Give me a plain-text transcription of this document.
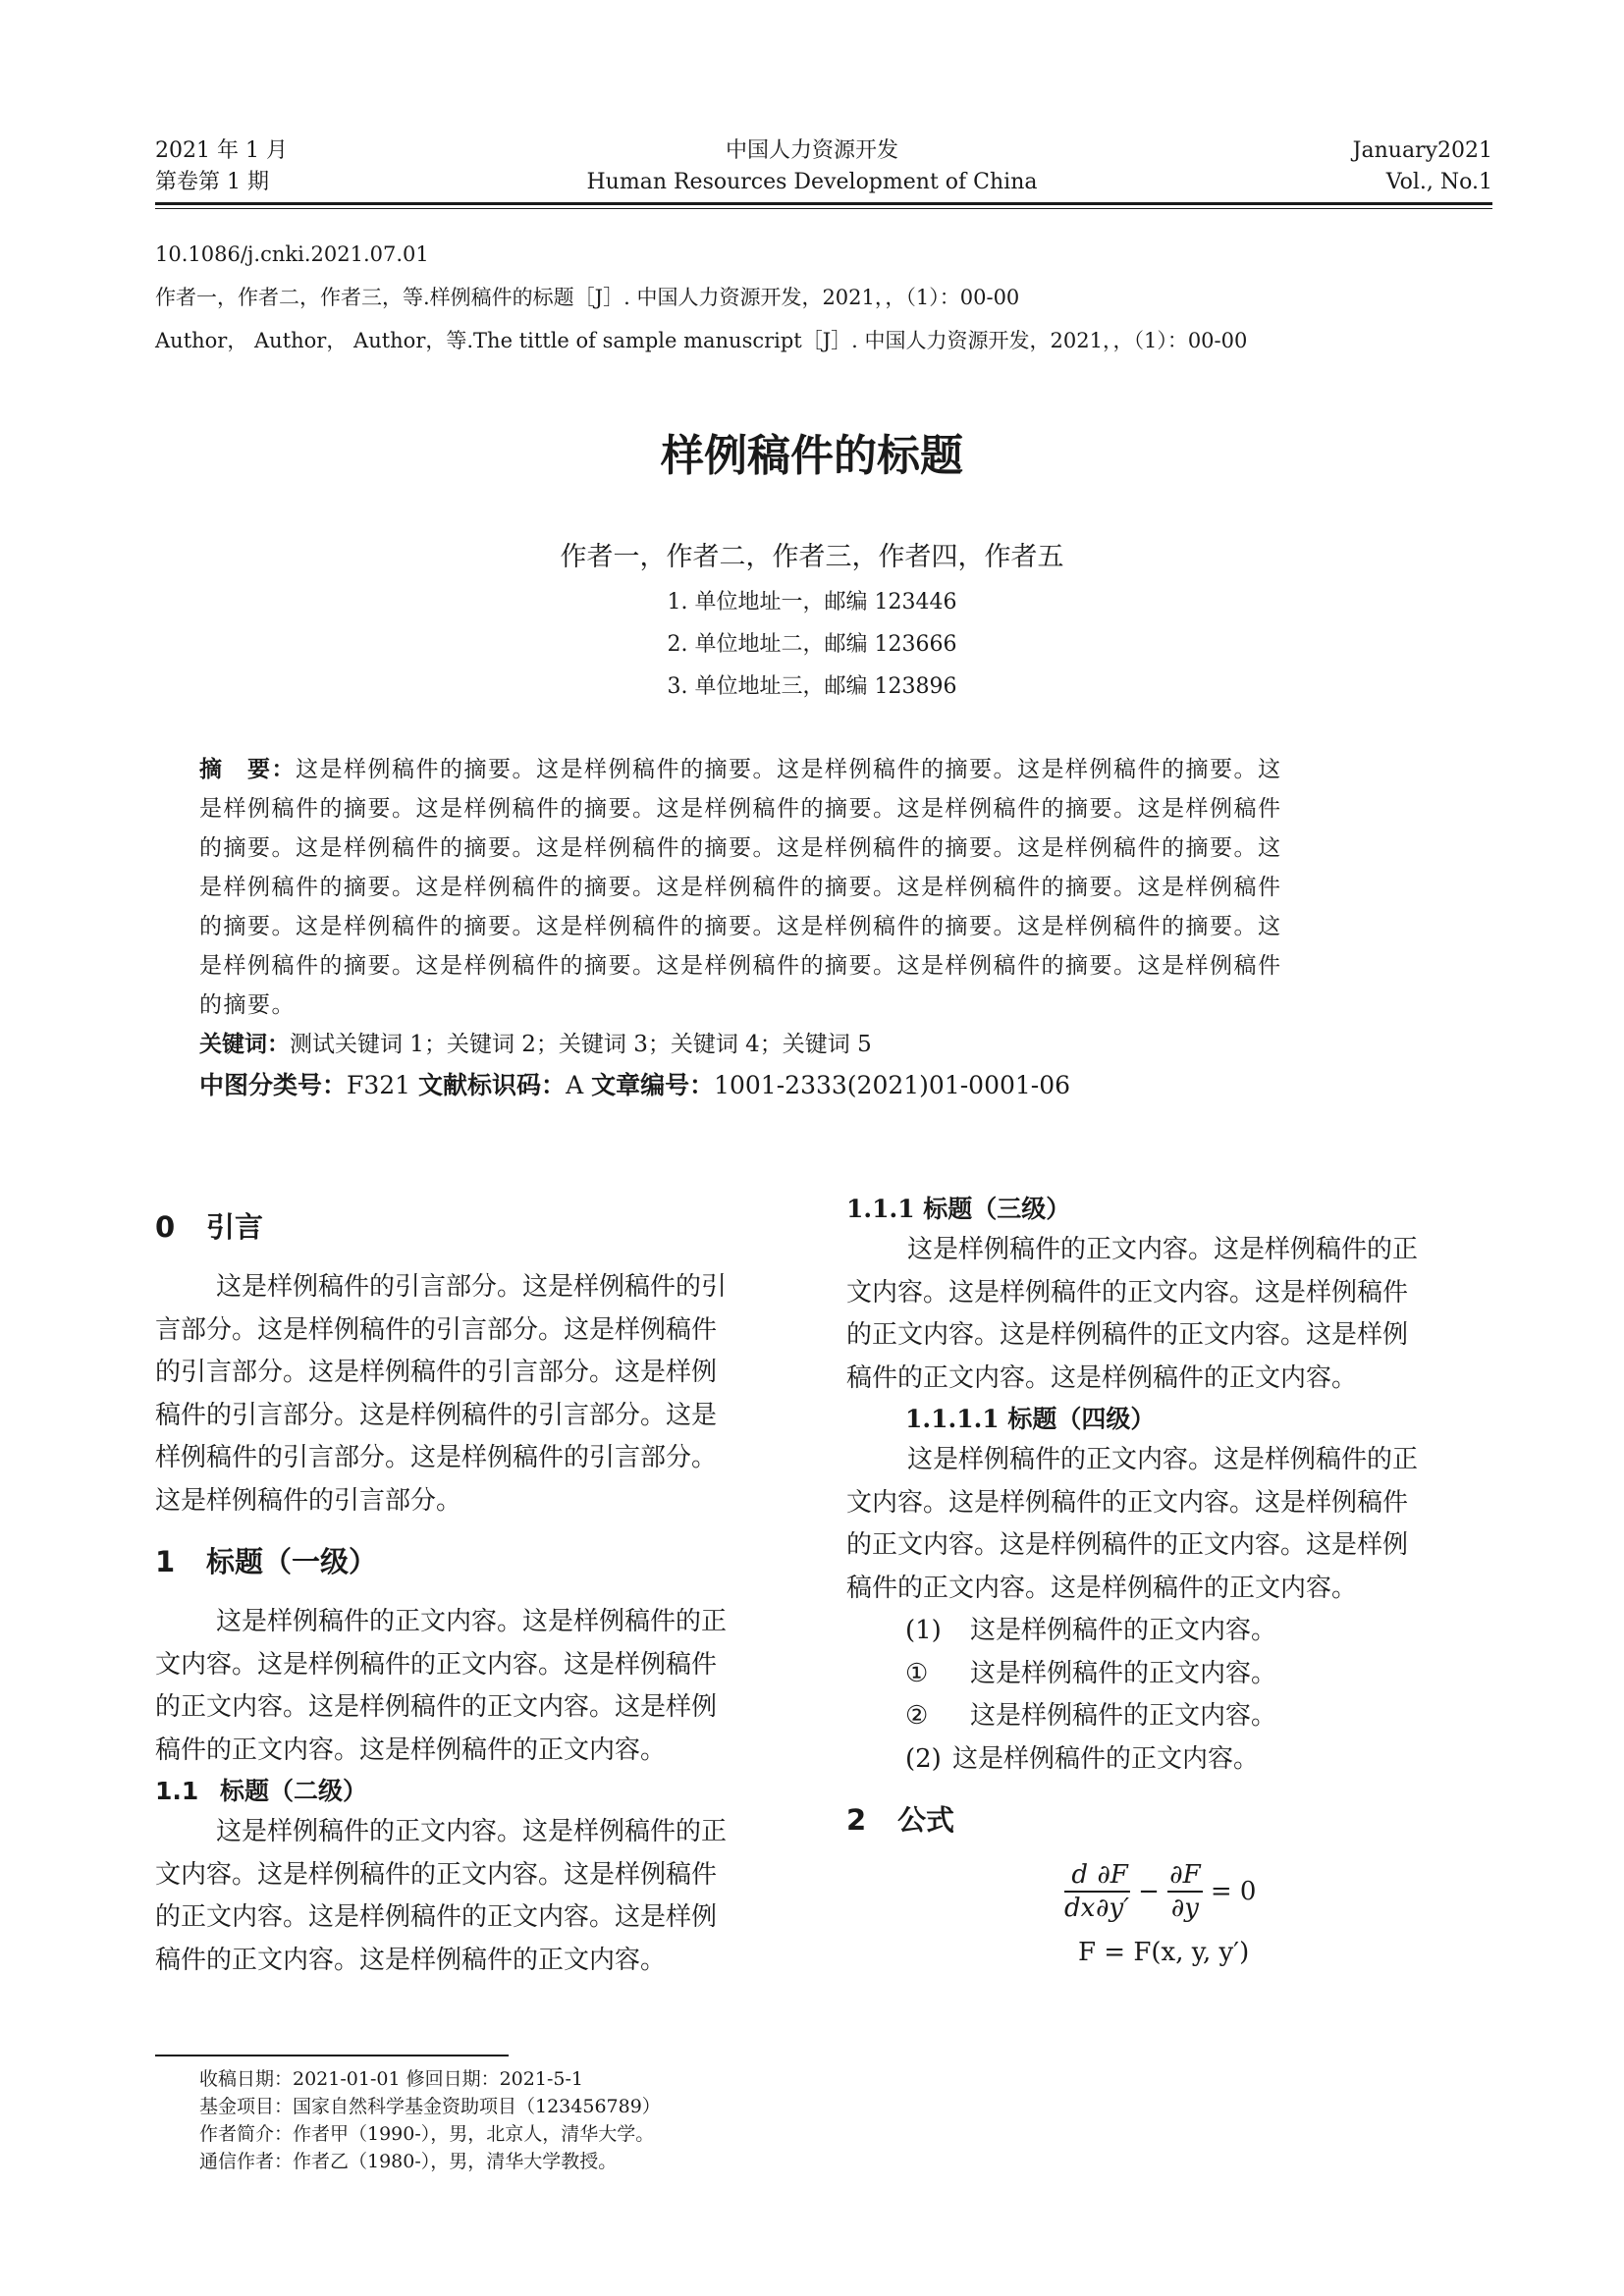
2021 年 1 月
第卷第 1 期
中国人力资源开发
Human Resources Development of China
January2021
Vol., No.1
10.1086/j.cnki.2021.07.01
作者一，作者二，作者三，等.样例稿件的标题［J］. 中国人力资源开发，2021，，（1）：00-00
Author， Author， Author，等.The tittle of sample manuscript［J］. 中国人力资源开发，2021，，（1）：00-00
样例稿件的标题
作者一，作者二，作者三，作者四，作者五
1. 单位地址一，邮编 123446
2. 单位地址二，邮编 123666
3. 单位地址三，邮编 123896
摘　要：这是样例稿件的摘要。这是样例稿件的摘要。这是样例稿件的摘要。这是样例稿件的摘要。这
是样例稿件的摘要。这是样例稿件的摘要。这是样例稿件的摘要。这是样例稿件的摘要。这是样例稿件
的摘要。这是样例稿件的摘要。这是样例稿件的摘要。这是样例稿件的摘要。这是样例稿件的摘要。这
是样例稿件的摘要。这是样例稿件的摘要。这是样例稿件的摘要。这是样例稿件的摘要。这是样例稿件
的摘要。这是样例稿件的摘要。这是样例稿件的摘要。这是样例稿件的摘要。这是样例稿件的摘要。这
是样例稿件的摘要。这是样例稿件的摘要。这是样例稿件的摘要。这是样例稿件的摘要。这是样例稿件
的摘要。
关键词：测试关键词 1；关键词 2；关键词 3；关键词 4；关键词 5
中图分类号：F321 文献标识码：A 文章编号：1001-2333(2021)01-0001-06
0 引言

这是样例稿件的引言部分。这是样例稿件的引

言部分。这是样例稿件的引言部分。这是样例稿件

的引言部分。这是样例稿件的引言部分。这是样例

稿件的引言部分。这是样例稿件的引言部分。这是

样例稿件的引言部分。这是样例稿件的引言部分。

这是样例稿件的引言部分。

1 标题（一级）

这是样例稿件的正文内容。这是样例稿件的正

文内容。这是样例稿件的正文内容。这是样例稿件

的正文内容。这是样例稿件的正文内容。这是样例

稿件的正文内容。这是样例稿件的正文内容。

1.1 标题（二级）

这是样例稿件的正文内容。这是样例稿件的正

文内容。这是样例稿件的正文内容。这是样例稿件

的正文内容。这是样例稿件的正文内容。这是样例

稿件的正文内容。这是样例稿件的正文内容。

1.1.1 标题（三级）

这是样例稿件的正文内容。这是样例稿件的正

文内容。这是样例稿件的正文内容。这是样例稿件

的正文内容。这是样例稿件的正文内容。这是样例

稿件的正文内容。这是样例稿件的正文内容。

1.1.1.1 标题（四级）

这是样例稿件的正文内容。这是样例稿件的正

文内容。这是样例稿件的正文内容。这是样例稿件

的正文内容。这是样例稿件的正文内容。这是样例

稿件的正文内容。这是样例稿件的正文内容。

(1) 这是样例稿件的正文内容。

① 这是样例稿件的正文内容。

② 这是样例稿件的正文内容。

(2) 这是样例稿件的正文内容。

2 公式
$\frac{d}{dx} \frac{\partial F}{\partial y'} - \frac{\partial F}{\partial y} = 0$
F = F(x, y, y′)
收稿日期：2021-01-01 修回日期：2021-5-1
基金项目：国家自然科学基金资助项目（123456789）
作者简介：作者甲（1990-），男，北京人，清华大学。
通信作者：作者乙（1980-），男，清华大学教授。
